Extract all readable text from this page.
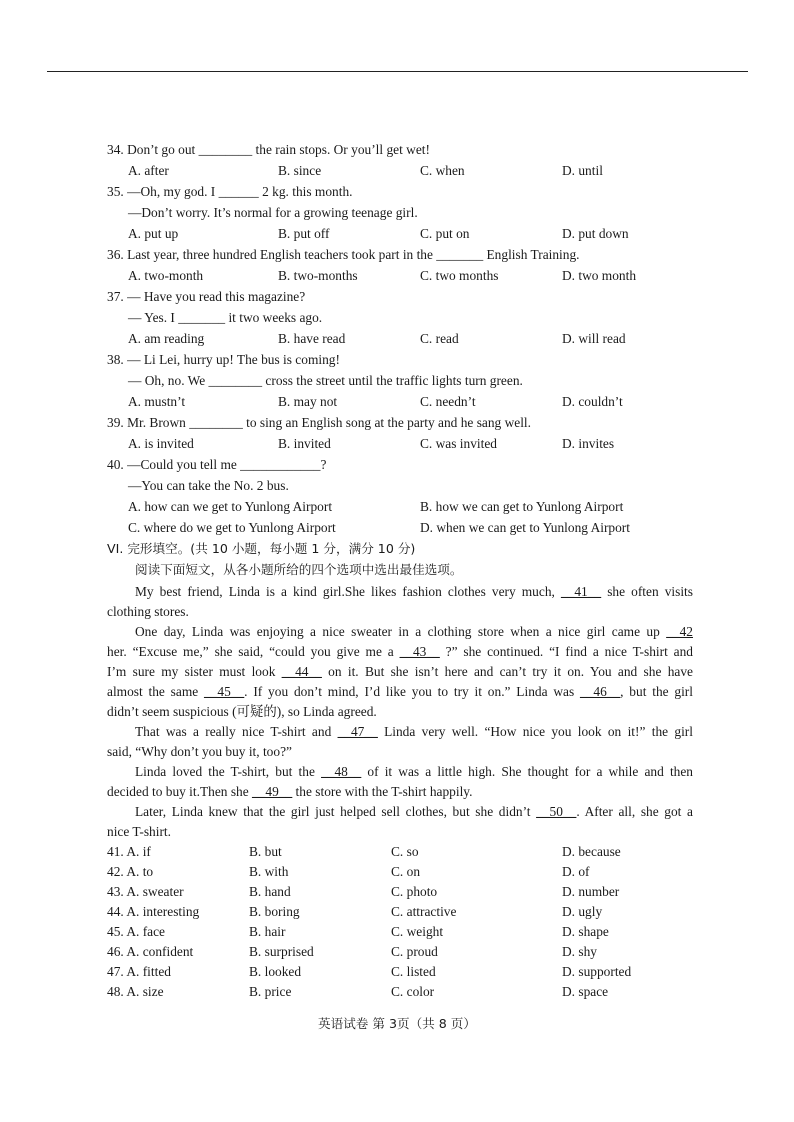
34. Don’t go out ________ the rain stops. Or you’ll get wet!
A. after	B. since	C. when	D. until
35. —Oh, my god. I ______ 2 kg. this month.
—Don’t worry. It’s normal for a growing teenage girl.
A. put up	B. put off	C. put on	D. put down
36. Last year, three hundred English teachers took part in the _______ English Training.
A. two-month	B. two-months	C. two months	D. two month
37. — Have you read this magazine?
— Yes. I _______ it two weeks ago.
A. am reading	B. have read	C. read	D. will read
38. — Li Lei, hurry up! The bus is coming!
— Oh, no. We ________ cross the street until the traffic lights turn green.
A. mustn’t	B. may not	C. needn’t	D. couldn’t
39. Mr. Brown ________ to sing an English song at the party and he sang well.
A. is invited	B. invited	C. was invited	D. invites
40. —Could you tell me ____________?
—You can take the No. 2 bus.
A. how can we get to Yunlong Airport	B. how we can get to Yunlong Airport
C. where do we get to Yunlong Airport	D. when we can get to Yunlong Airport
VI. 完形填空。(共 10 小题，每小题 1 分，满分 10 分)
阅读下面短文，从各小题所给的四个选项中选出最佳选项。
My best friend, Linda is a kind girl.She likes fashion clothes very much, __41__ she often visits
clothing stores.
One day, Linda was enjoying a nice sweater in a clothing store when a nice girl came up __42
her. “Excuse me,” she said, “could you give me a __43__ ?” she continued. “I find a nice T-shirt and
I’m sure my sister must look __44__ on it. But she isn’t here and can’t try it on. You and she have
almost the same __45__. If you don’t mind, I’d like you to try it on.” Linda was __46__, but the girl
didn’t seem suspicious (可疑的), so Linda agreed.
That was a really nice T-shirt and __47__ Linda very well. “How nice you look on it!” the girl
said, “Why don’t you buy it, too?”
Linda loved the T-shirt, but the __48__ of it was a little high. She thought for a while and then
decided to buy it.Then she __49__ the store with the T-shirt happily.
Later, Linda knew that the girl just helped sell clothes, but she didn’t __50__. After all, she got a
nice T-shirt.
41. A. if	B. but	C. so	D. because
42. A. to	B. with	C. on	D. of
43. A. sweater	B. hand	C. photo	D. number
44. A. interesting	B. boring	C. attractive	D. ugly
45. A. face	B. hair	C. weight	D. shape
46. A. confident	B. surprised	C. proud	D. shy
47. A. fitted	B. looked	C. listed	D. supported
48. A. size	B. price	C. color	D. space
英语试卷 第 3页（共 8 页）
